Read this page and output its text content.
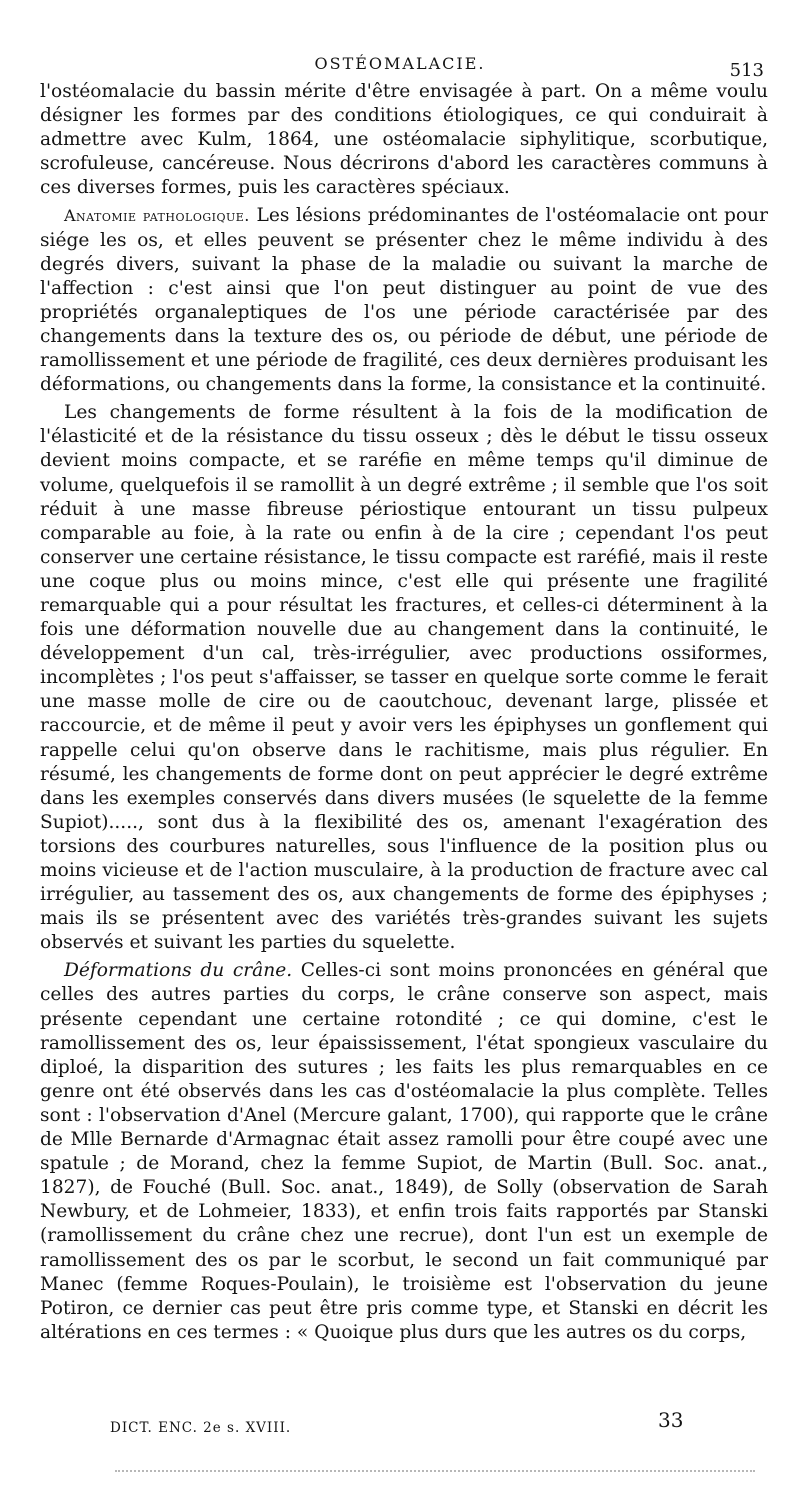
OSTÉOMALACIE.	513

l'ostéomalacie du bassin mérite d'être envisagée à part. On a même voulu désigner les formes par des conditions étiologiques, ce qui conduirait à admettre avec Kulm, 1864, une ostéomalacie siphylitique, scorbutique, scrofuleuse, cancéreuse. Nous décrirons d'abord les caractères communs à ces diverses formes, puis les caractères spéciaux.

Anatomie pathologique. Les lésions prédominantes de l'ostéomalacie ont pour siége les os, et elles peuvent se présenter chez le même individu à des degrés divers, suivant la phase de la maladie ou suivant la marche de l'affection : c'est ainsi que l'on peut distinguer au point de vue des propriétés organaleptiques de l'os une période caractérisée par des changements dans la texture des os, ou période de début, une période de ramollissement et une période de fragilité, ces deux dernières produisant les déformations, ou changements dans la forme, la consistance et la continuité.

Les changements de forme résultent à la fois de la modification de l'élasticité et de la résistance du tissu osseux ; dès le début le tissu osseux devient moins compacte, et se raréfie en même temps qu'il diminue de volume, quelquefois il se ramollit à un degré extrême ; il semble que l'os soit réduit à une masse fibreuse périostique entourant un tissu pulpeux comparable au foie, à la rate ou enfin à de la cire ; cependant l'os peut conserver une certaine résistance, le tissu compacte est raréfié, mais il reste une coque plus ou moins mince, c'est elle qui présente une fragilité remarquable qui a pour résultat les fractures, et celles-ci déterminent à la fois une déformation nouvelle due au changement dans la continuité, le développement d'un cal, très-irrégulier, avec productions ossiformes, incomplètes ; l'os peut s'affaisser, se tasser en quelque sorte comme le ferait une masse molle de cire ou de caoutchouc, devenant large, plissée et raccourcie, et de même il peut y avoir vers les épiphyses un gonflement qui rappelle celui qu'on observe dans le rachitisme, mais plus régulier. En résumé, les changements de forme dont on peut apprécier le degré extrême dans les exemples conservés dans divers musées (le squelette de la femme Supiot)....., sont dus à la flexibilité des os, amenant l'exagération des torsions des courbures naturelles, sous l'influence de la position plus ou moins vicieuse et de l'action musculaire, à la production de fracture avec cal irrégulier, au tassement des os, aux changements de forme des épiphyses ; mais ils se présentent avec des variétés très-grandes suivant les sujets observés et suivant les parties du squelette.

Déformations du crâne. Celles-ci sont moins prononcées en général que celles des autres parties du corps, le crâne conserve son aspect, mais présente cependant une certaine rotondité ; ce qui domine, c'est le ramollissement des os, leur épaississement, l'état spongieux vasculaire du diploé, la disparition des sutures ; les faits les plus remarquables en ce genre ont été observés dans les cas d'ostéomalacie la plus complète. Telles sont : l'observation d'Anel (Mercure galant, 1700), qui rapporte que le crâne de Mlle Bernarde d'Armagnac était assez ramolli pour être coupé avec une spatule ; de Morand, chez la femme Supiot, de Martin (Bull. Soc. anat., 1827), de Fouché (Bull. Soc. anat., 1849), de Solly (observation de Sarah Newbury, et de Lohmeier, 1833), et enfin trois faits rapportés par Stanski (ramollissement du crâne chez une recrue), dont l'un est un exemple de ramollissement des os par le scorbut, le second un fait communiqué par Manec (femme Roques-Poulain), le troisième est l'observation du jeune Potiron, ce dernier cas peut être pris comme type, et Stanski en décrit les altérations en ces termes : « Quoique plus durs que les autres os du corps,

DICT. ENC. 2e s. XVIII.	33
